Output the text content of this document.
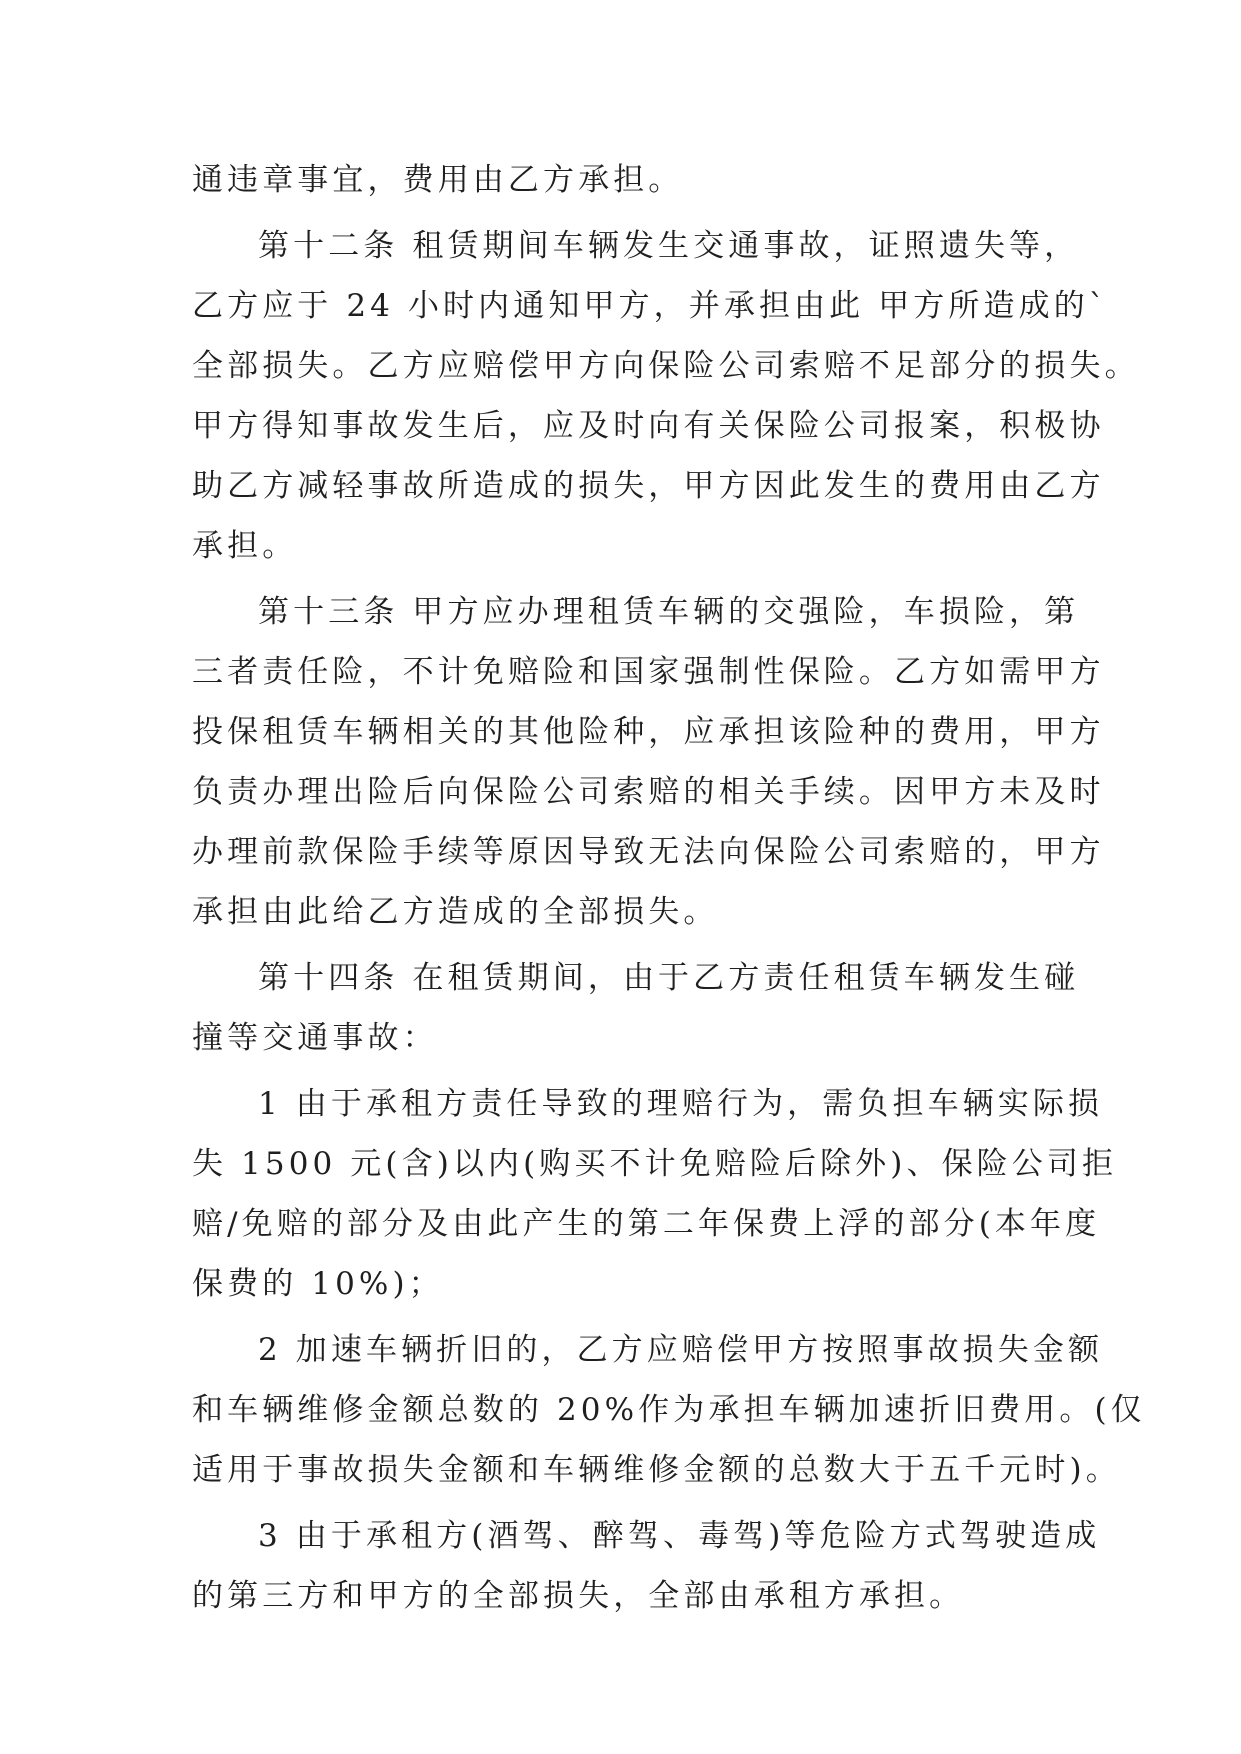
通违章事宜，费用由乙方承担。
第十二条 租赁期间车辆发生交通事故，证照遗失等，
乙方应于 24 小时内通知甲方，并承担由此 甲方所造成的`
全部损失。乙方应赔偿甲方向保险公司索赔不足部分的损失。
甲方得知事故发生后，应及时向有关保险公司报案，积极协
助乙方减轻事故所造成的损失，甲方因此发生的费用由乙方
承担。
第十三条 甲方应办理租赁车辆的交强险，车损险，第
三者责任险，不计免赔险和国家强制性保险。乙方如需甲方
投保租赁车辆相关的其他险种，应承担该险种的费用，甲方
负责办理出险后向保险公司索赔的相关手续。因甲方未及时
办理前款保险手续等原因导致无法向保险公司索赔的，甲方
承担由此给乙方造成的全部损失。
第十四条 在租赁期间，由于乙方责任租赁车辆发生碰
撞等交通事故：
1 由于承租方责任导致的理赔行为，需负担车辆实际损
失 1500 元(含)以内(购买不计免赔险后除外)、保险公司拒
赔/免赔的部分及由此产生的第二年保费上浮的部分(本年度
保费的 10%)；
2 加速车辆折旧的，乙方应赔偿甲方按照事故损失金额
和车辆维修金额总数的 20%作为承担车辆加速折旧费用。(仅
适用于事故损失金额和车辆维修金额的总数大于五千元时)。
3 由于承租方(酒驾、醉驾、毒驾)等危险方式驾驶造成
的第三方和甲方的全部损失，全部由承租方承担。
